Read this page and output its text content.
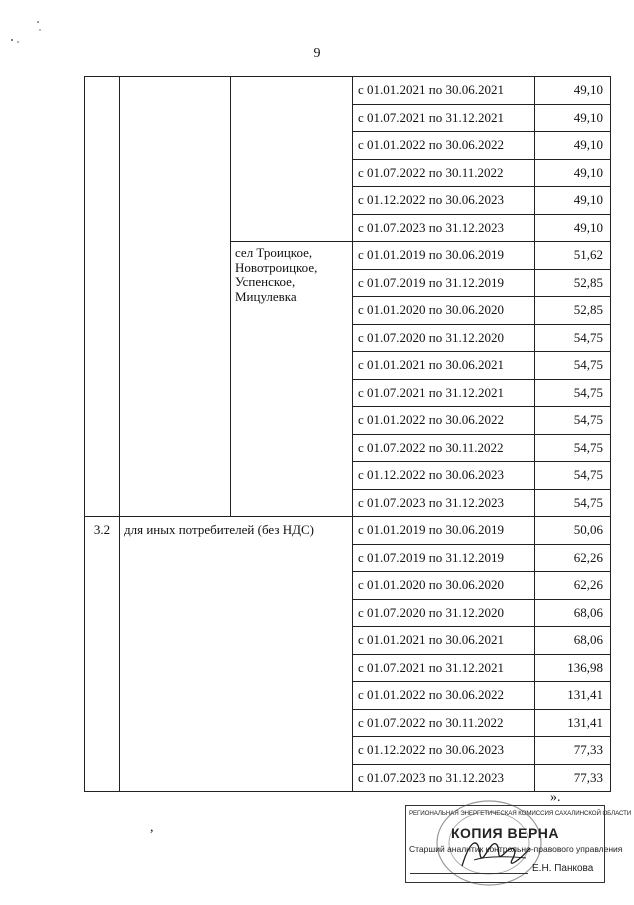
9
			с 01.01.2021 по 30.06.2021	49,10
			с 01.07.2021 по 31.12.2021	49,10
			с 01.01.2022 по 30.06.2022	49,10
			с 01.07.2022 по 30.11.2022	49,10
			с 01.12.2022 по 30.06.2023	49,10
			с 01.07.2023 по 31.12.2023	49,10
		сел Троицкое, Новотроицкое, Успенское, Мицулевка	с 01.01.2019 по 30.06.2019	51,62
			с 01.07.2019 по 31.12.2019	52,85
			с 01.01.2020 по 30.06.2020	52,85
			с 01.07.2020 по 31.12.2020	54,75
			с 01.01.2021 по 30.06.2021	54,75
			с 01.07.2021 по 31.12.2021	54,75
			с 01.01.2022 по 30.06.2022	54,75
			с 01.07.2022 по 30.11.2022	54,75
			с 01.12.2022 по 30.06.2023	54,75
			с 01.07.2023 по 31.12.2023	54,75
3.2	для иных потребителей (без НДС)		с 01.01.2019 по 30.06.2019	50,06
			с 01.07.2019 по 31.12.2019	62,26
			с 01.01.2020 по 30.06.2020	62,26
			с 01.07.2020 по 31.12.2020	68,06
			с 01.01.2021 по 30.06.2021	68,06
			с 01.07.2021 по 31.12.2021	136,98
			с 01.01.2022 по 30.06.2022	131,41
			с 01.07.2022 по 30.11.2022	131,41
			с 01.12.2022 по 30.06.2023	77,33
			с 01.07.2023 по 31.12.2023	77,33
».
,
РЕГИОНАЛЬНАЯ ЭНЕРГЕТИЧЕСКАЯ КОМИССИЯ САХАЛИНСКОЙ ОБЛАСТИ
КОПИЯ ВЕРНА
Старший аналитик контрольно-правового управления
Е.Н. Панкова
